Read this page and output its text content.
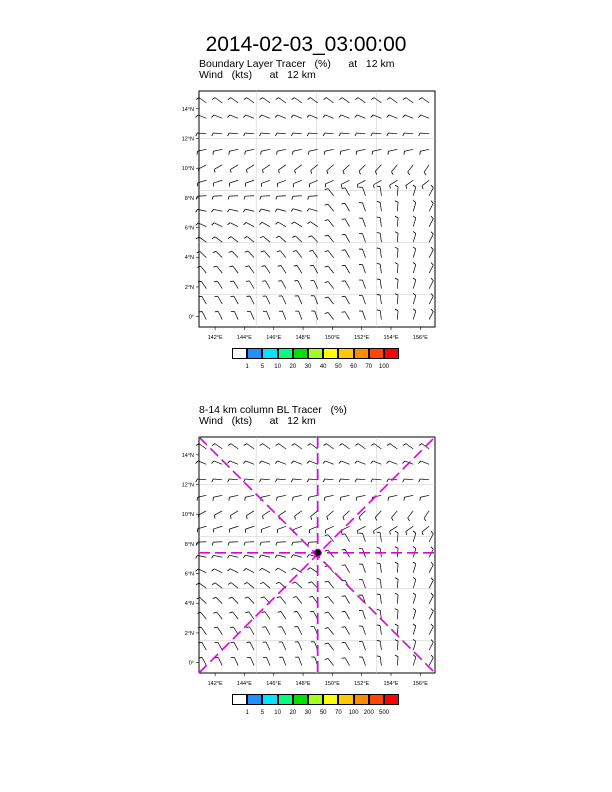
2014-02-03_03:00:00
Boundary Layer Tracer   (%)      at   12 km
Wind   (kts)      at   12 km
142°E	144°E	146°E	148°E	150°E	152°E	154°E	156°E
0°
2°N
4°N
6°N
8°N
10°N
12°N
14°N
1 5 10 20 30 40 50 60 70 100
8-14 km column BL Tracer   (%)
Wind   (kts)      at   12 km
142°E	144°E	146°E	148°E	150°E	152°E	154°E	156°E
0°
2°N
4°N
6°N
8°N
10°N
12°N
14°N
1 5 10 20 30 50 70 100 200 500
